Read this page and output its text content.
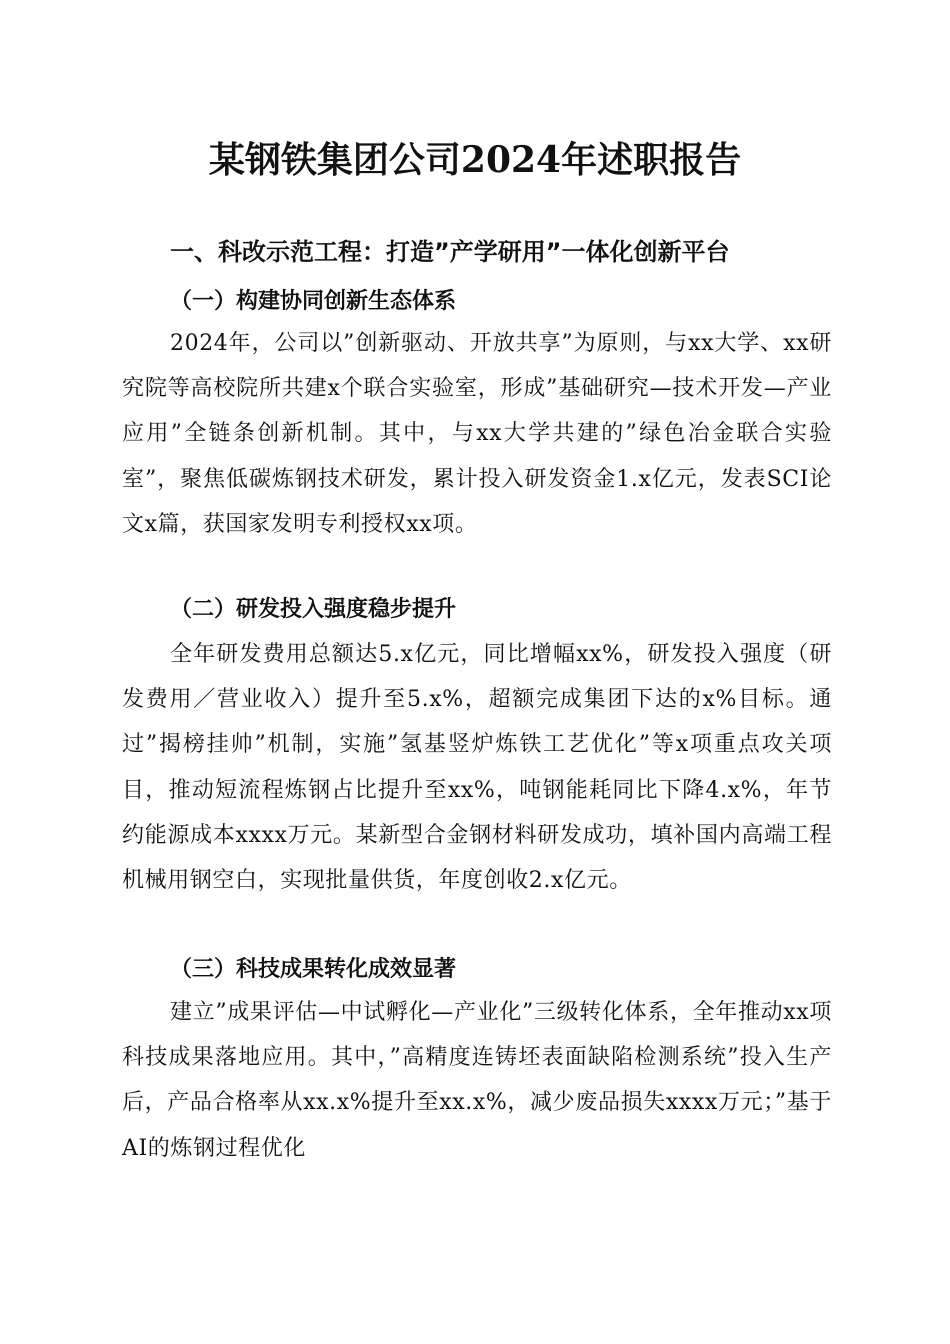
某钢铁集团公司2024年述职报告
一、科改示范工程：打造”产学研用”一体化创新平台
（一）构建协同创新生态体系

2024年，公司以”创新驱动、开放共享”为原则，与xx大学、xx研究院等高校院所共建x个联合实验室，形成”基础研究—技术开发—产业应用”全链条创新机制。其中，与xx大学共建的”绿色冶金联合实验室”，聚焦低碳炼钢技术研发，累计投入研发资金1.x亿元，发表SCI论文x篇，获国家发明专利授权xx项。

（二）研发投入强度稳步提升

全年研发费用总额达5.x亿元，同比增幅xx%，研发投入强度（研发费用／营业收入）提升至5.x%，超额完成集团下达的x%目标。通过”揭榜挂帅”机制，实施”氢基竖炉炼铁工艺优化”等x项重点攻关项目，推动短流程炼钢占比提升至xx%，吨钢能耗同比下降4.x%，年节约能源成本xxxx万元。某新型合金钢材料研发成功，填补国内高端工程机械用钢空白，实现批量供货，年度创收2.x亿元。

（三）科技成果转化成效显著

建立”成果评估—中试孵化—产业化”三级转化体系，全年推动xx项科技成果落地应用。其中，”高精度连铸坯表面缺陷检测系统”投入生产后，产品合格率从xx.x%提升至xx.x%，减少废品损失xxxx万元；”基于AI的炼钢过程优化
